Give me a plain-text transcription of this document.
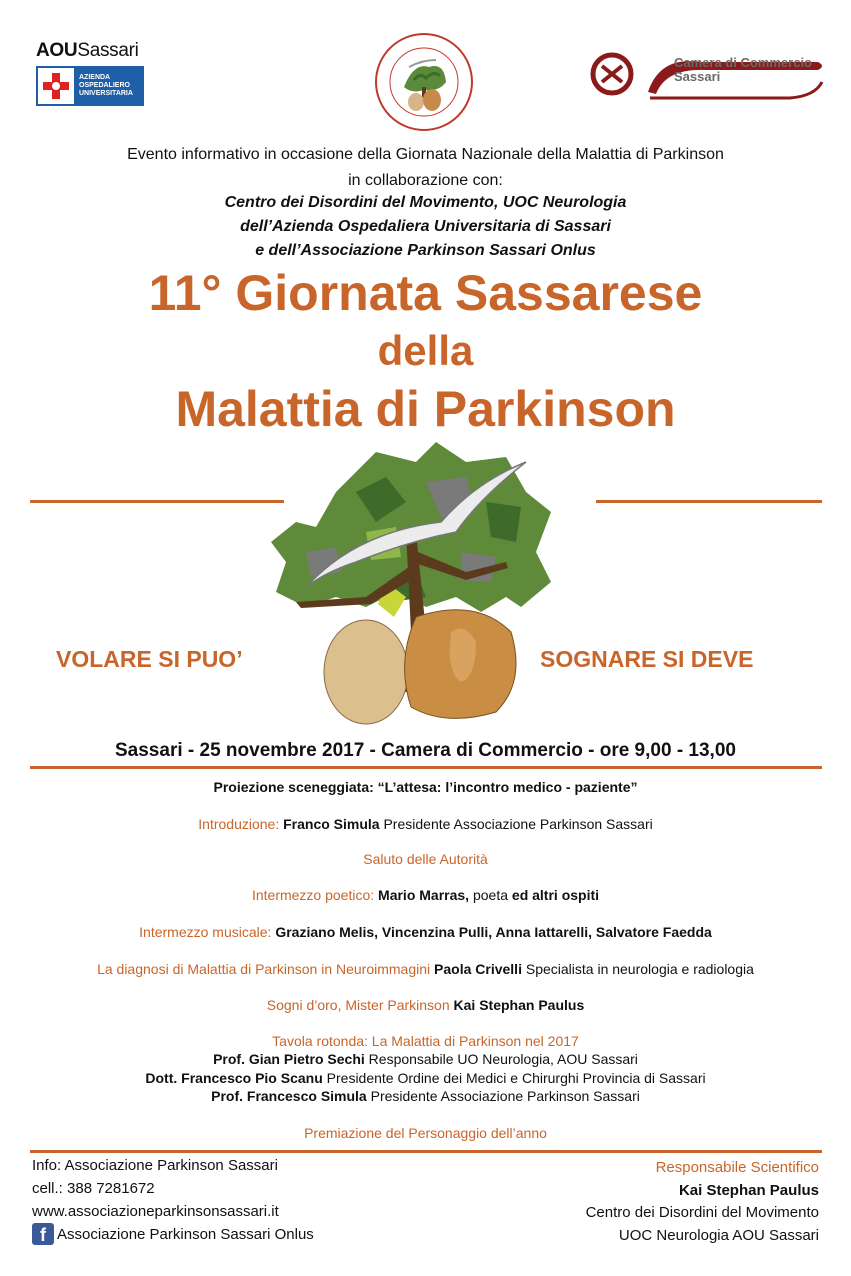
AOUSassari
AZIENDA
OSPEDALIERO
UNIVERSITARIA
Camera di Commercio
Sassari
Evento informativo in occasione della Giornata Nazionale della Malattia di Parkinson
in collaborazione con:
Centro dei Disordini del Movimento, UOC Neurologia
dell’Azienda Ospedaliera Universitaria di Sassari
e dell’Associazione Parkinson Sassari Onlus
11° Giornata Sassarese
della
Malattia di Parkinson
VOLARE SI PUO’	SOGNARE SI DEVE
Sassari - 25 novembre 2017 - Camera di Commercio - ore 9,00 - 13,00
Proiezione sceneggiata: “L’attesa: l’incontro medico - paziente”
Introduzione: Franco Simula Presidente Associazione Parkinson Sassari
Saluto delle Autorità
Intermezzo poetico: Mario Marras, poeta ed altri ospiti
Intermezzo musicale: Graziano Melis, Vincenzina Pulli, Anna Iattarelli, Salvatore Faedda
La diagnosi di Malattia di Parkinson in Neuroimmagini Paola Crivelli Specialista in neurologia e radiologia
Sogni d’oro, Mister Parkinson Kai Stephan Paulus
Tavola rotonda: La Malattia di Parkinson nel 2017
Prof. Gian Pietro Sechi Responsabile UO Neurologia, AOU Sassari
Dott. Francesco Pio Scanu Presidente Ordine dei Medici e Chirurghi Provincia di Sassari
Prof. Francesco Simula Presidente Associazione Parkinson Sassari
Premiazione del Personaggio dell’anno
Info: Associazione Parkinson Sassari
cell.: 388 7281672
www.associazioneparkinsonsassari.it
f Associazione Parkinson Sassari Onlus
Responsabile Scientifico
Kai Stephan Paulus
Centro dei Disordini del Movimento
UOC Neurologia AOU Sassari
